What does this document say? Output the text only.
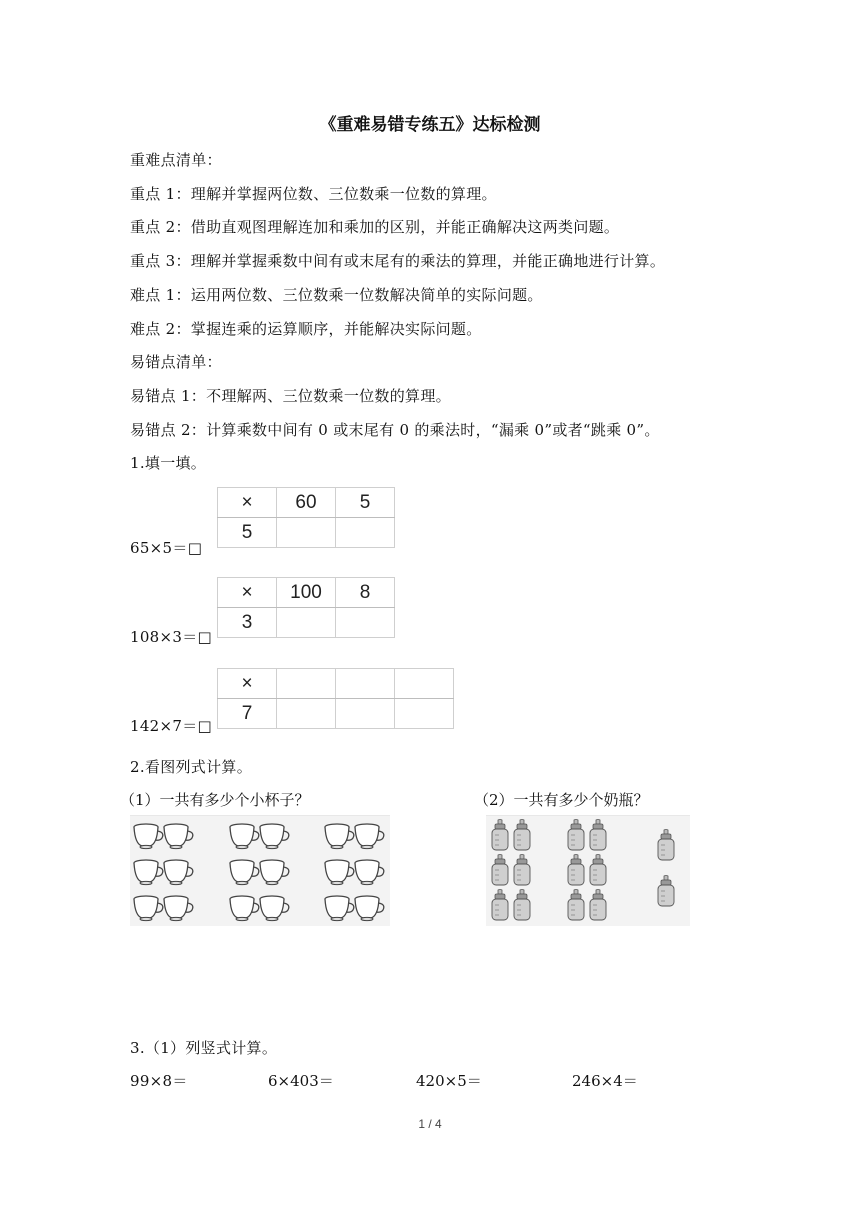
《重难易错专练五》达标检测
重难点清单：
重点 1：理解并掌握两位数、三位数乘一位数的算理。
重点 2：借助直观图理解连加和乘加的区别，并能正确解决这两类问题。
重点 3：理解并掌握乘数中间有或末尾有的乘法的算理，并能正确地进行计算。
难点 1：运用两位数、三位数乘一位数解决简单的实际问题。
难点 2：掌握连乘的运算顺序，并能解决实际问题。
易错点清单：
易错点 1：不理解两、三位数乘一位数的算理。
易错点 2：计算乘数中间有 0 或末尾有 0 的乘法时，“漏乘 0”或者“跳乘 0”。
1.填一填。
65×5＝□
×	60	5
5		
108×3＝□
×	100	8
3		
142×7＝□
×			
7			
2.看图列式计算。
（1）一共有多少个小杯子？	（2）一共有多少个奶瓶？
3.（1）列竖式计算。
99×8＝	6×403＝	420×5＝	246×4＝
1 / 4
